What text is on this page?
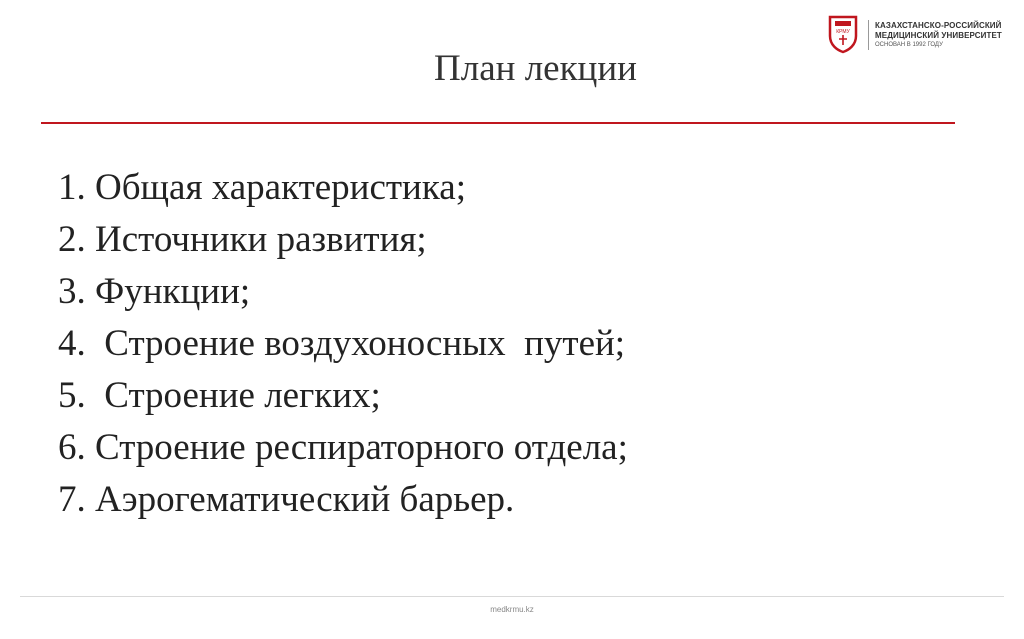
КРМУ
КАЗАХСТАНСКО-РОССИЙСКИЙ
МЕДИЦИНСКИЙ УНИВЕРСИТЕТ
ОСНОВАН В 1992 ГОДУ
План лекции
1. Общая характеристика;
2. Источники развития;
3. Функции;
4.  Строение воздухоносных  путей;
5.  Строение легких;
6. Строение респираторного отдела;
7. Аэрогематический барьер.
medkrmu.kz
